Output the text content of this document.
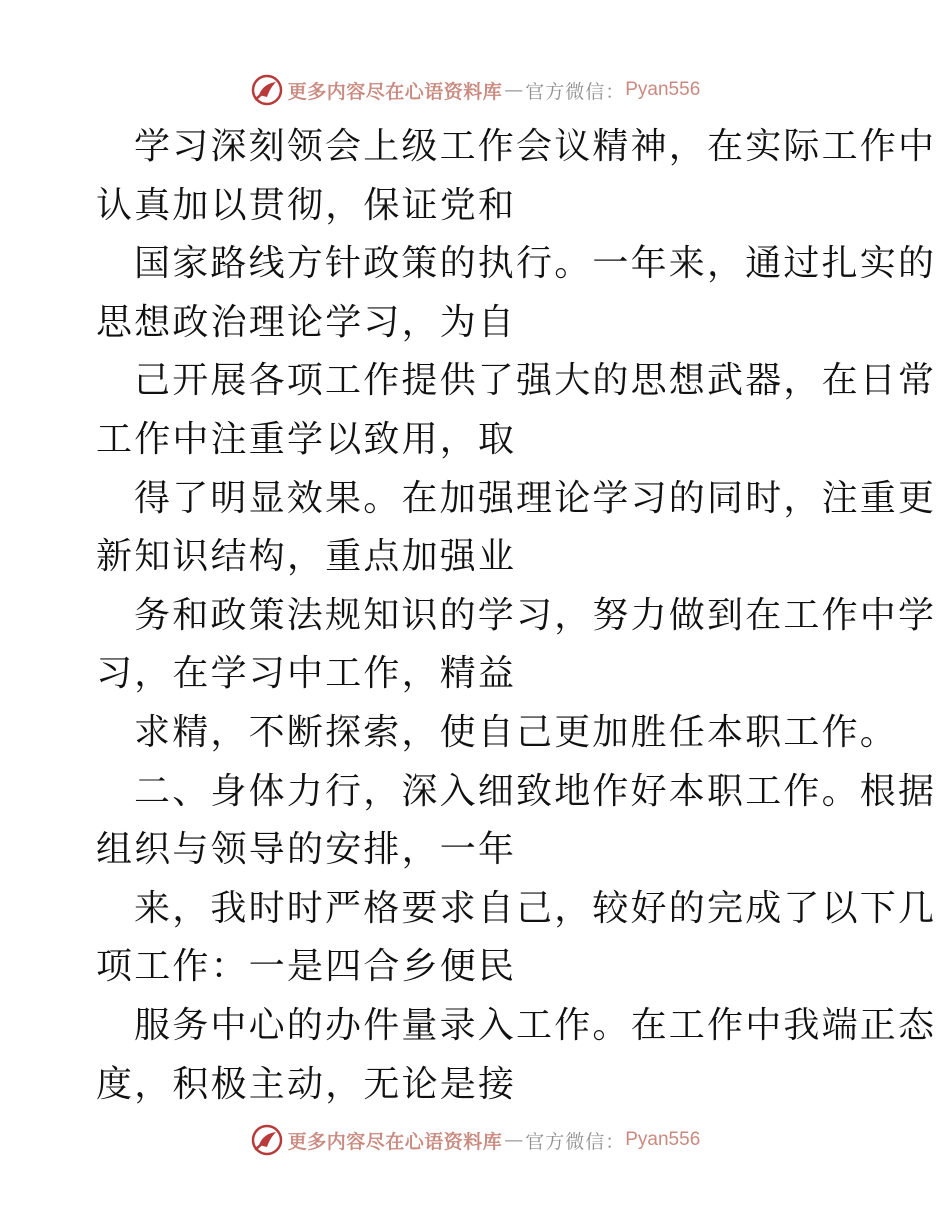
更多内容尽在心语资料库 — 官方微信： Pyan556
学习深刻领会上级工作会议精神，在实际工作中
认真加以贯彻，保证党和
国家路线方针政策的执行。一年来，通过扎实的
思想政治理论学习，为自
己开展各项工作提供了强大的思想武器，在日常
工作中注重学以致用，取
得了明显效果。在加强理论学习的同时，注重更
新知识结构，重点加强业
务和政策法规知识的学习，努力做到在工作中学
习，在学习中工作，精益
求精，不断探索，使自己更加胜任本职工作。
二、身体力行，深入细致地作好本职工作。根据
组织与领导的安排，一年
来，我时时严格要求自己，较好的完成了以下几
项工作：一是四合乡便民
服务中心的办件量录入工作。在工作中我端正态
度，积极主动，无论是接
更多内容尽在心语资料库 — 官方微信： Pyan556
